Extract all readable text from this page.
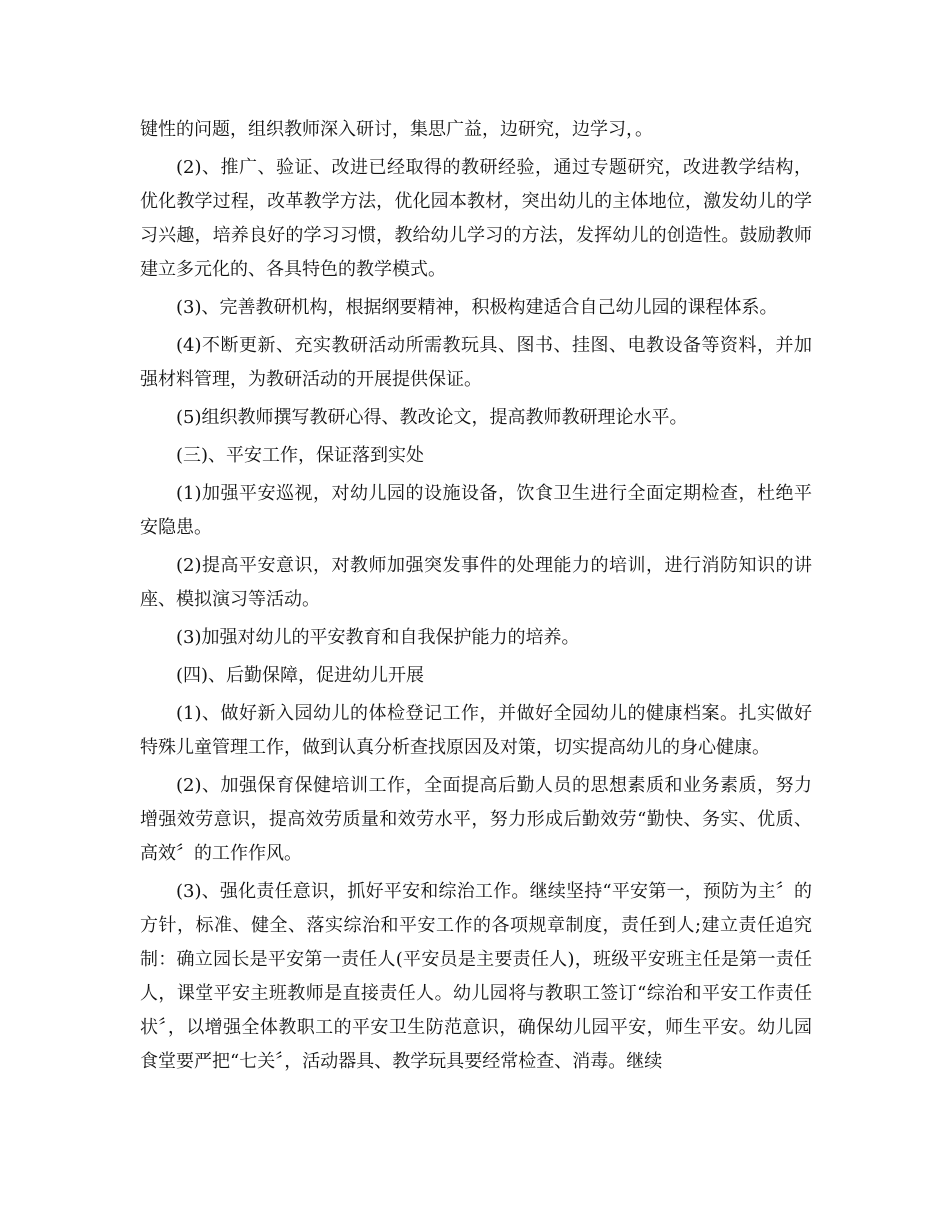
键性的问题，组织教师深入研讨，集思广益，边研究，边学习，。

(2)、推广、验证、改进已经取得的教研经验，通过专题研究，改进教学结构，优化教学过程，改革教学方法，优化园本教材，突出幼儿的主体地位，激发幼儿的学习兴趣，培养良好的学习习惯，教给幼儿学习的方法，发挥幼儿的创造性。鼓励教师建立多元化的、各具特色的教学模式。

(3)、完善教研机构，根据纲要精神，积极构建适合自己幼儿园的课程体系。

(4)不断更新、充实教研活动所需教玩具、图书、挂图、电教设备等资料，并加强材料管理，为教研活动的开展提供保证。

(5)组织教师撰写教研心得、教改论文，提高教师教研理论水平。

(三)、平安工作，保证落到实处

(1)加强平安巡视，对幼儿园的设施设备，饮食卫生进行全面定期检查，杜绝平安隐患。

(2)提高平安意识，对教师加强突发事件的处理能力的培训，进行消防知识的讲座、模拟演习等活动。

(3)加强对幼儿的平安教育和自我保护能力的培养。

(四)、后勤保障，促进幼儿开展

(1)、做好新入园幼儿的体检登记工作，并做好全园幼儿的健康档案。扎实做好特殊儿童管理工作，做到认真分析查找原因及对策，切实提高幼儿的身心健康。

(2)、加强保育保健培训工作，全面提高后勤人员的思想素质和业务素质，努力增强效劳意识，提高效劳质量和效劳水平，努力形成后勤效劳“勤快、务实、优质、高效〞的工作作风。

(3)、强化责任意识，抓好平安和综治工作。继续坚持“平安第一，预防为主〞的方针，标准、健全、落实综治和平安工作的各项规章制度，责任到人;建立责任追究制：确立园长是平安第一责任人(平安员是主要责任人)，班级平安班主任是第一责任人，课堂平安主班教师是直接责任人。幼儿园将与教职工签订“综治和平安工作责任状〞，以增强全体教职工的平安卫生防范意识，确保幼儿园平安，师生平安。幼儿园食堂要严把“七关〞，活动器具、教学玩具要经常检查、消毒。继续
